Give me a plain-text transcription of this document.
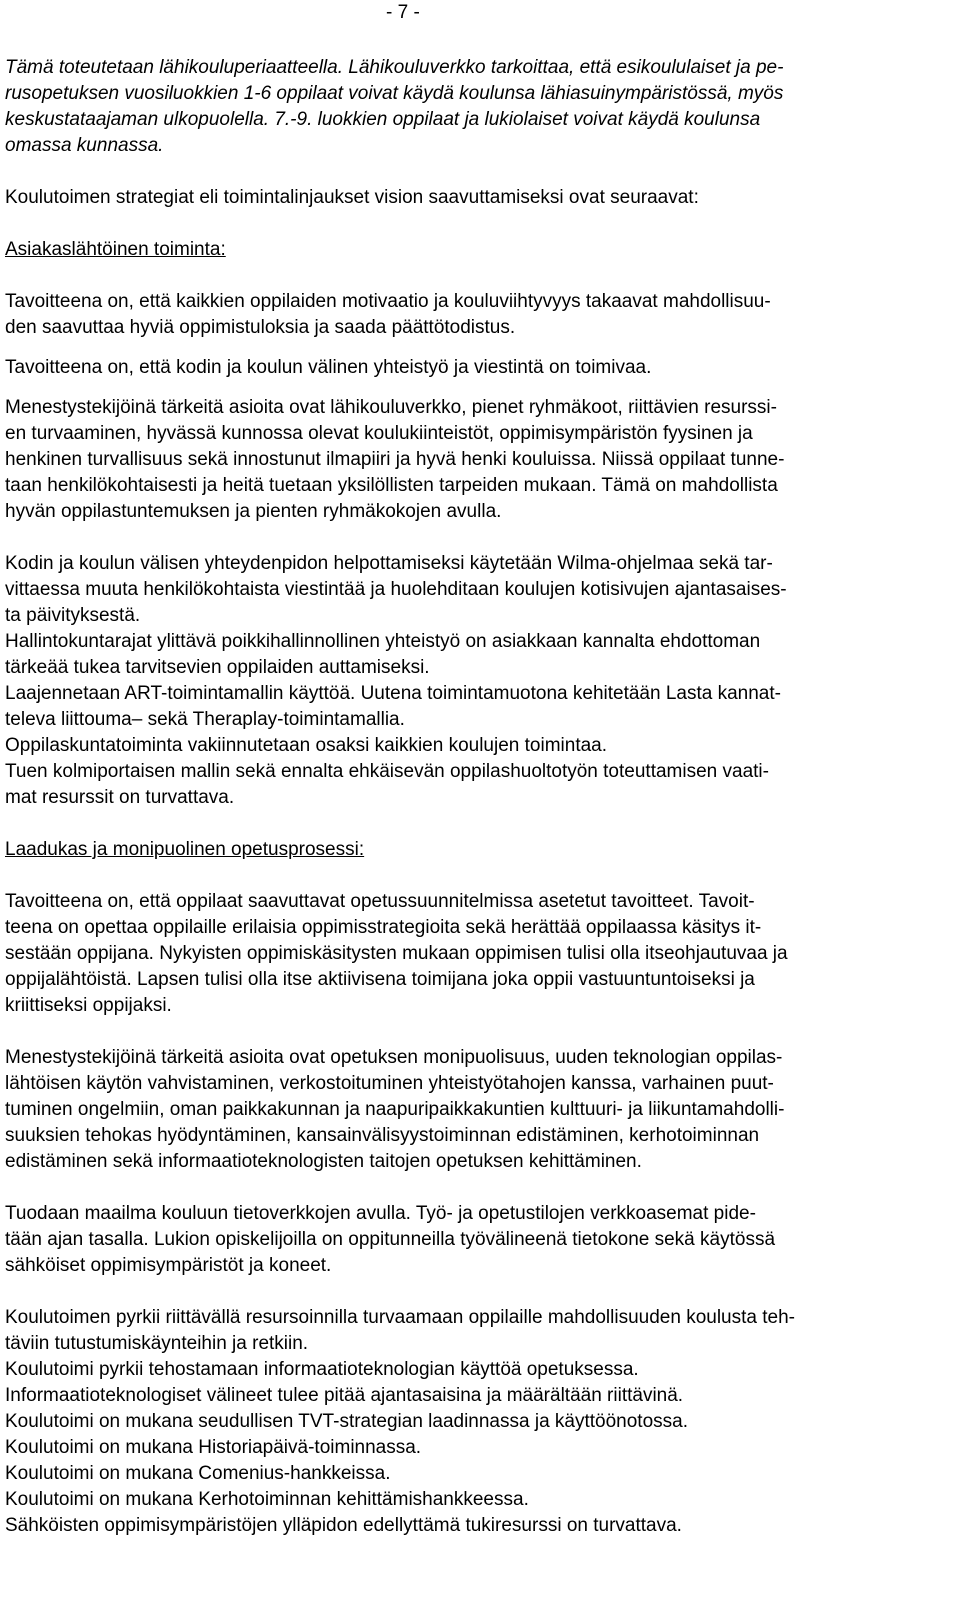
- 7 -

Tämä toteutetaan lähikouluperiaatteella. Lähikouluverkko tarkoittaa, että esikoululaiset ja pe-
rusopetuksen vuosiluokkien 1-6 oppilaat voivat käydä koulunsa lähiasuinympäristössä, myös
keskustataajaman ulkopuolella. 7.-9. luokkien oppilaat ja lukiolaiset voivat käydä koulunsa
omassa kunnassa.

Koulutoimen strategiat eli toimintalinjaukset vision saavuttamiseksi ovat seuraavat:

Asiakaslähtöinen toiminta:

Tavoitteena on, että kaikkien oppilaiden motivaatio ja kouluviihtyvyys takaavat mahdollisuu-
den saavuttaa hyviä oppimistuloksia ja saada päättötodistus.

Tavoitteena on, että kodin ja koulun välinen yhteistyö ja viestintä on toimivaa.

Menestystekijöinä tärkeitä asioita ovat lähikouluverkko, pienet ryhmäkoot, riittävien resurssi-
en turvaaminen, hyvässä kunnossa olevat koulukiinteistöt, oppimisympäristön fyysinen ja
henkinen turvallisuus sekä innostunut ilmapiiri ja hyvä henki kouluissa. Niissä oppilaat tunne-
taan henkilökohtaisesti ja heitä tuetaan yksilöllisten tarpeiden mukaan. Tämä on mahdollista
hyvän oppilastuntemuksen ja pienten ryhmäkokojen avulla.

Kodin ja koulun välisen yhteydenpidon helpottamiseksi käytetään Wilma-ohjelmaa sekä tar-
vittaessa muuta henkilökohtaista viestintää ja huolehditaan koulujen kotisivujen ajantasaises-
ta päivityksestä.

Hallintokuntarajat ylittävä poikkihallinnollinen yhteistyö on asiakkaan kannalta ehdottoman
tärkeää tukea tarvitsevien oppilaiden auttamiseksi.

Laajennetaan ART-toimintamallin käyttöä. Uutena toimintamuotona kehitetään Lasta kannat-
televa liittouma– sekä Theraplay-toimintamallia.

Oppilaskuntatoiminta vakiinnutetaan osaksi kaikkien koulujen toimintaa.

Tuen kolmiportaisen mallin sekä ennalta ehkäisevän oppilashuoltotyön toteuttamisen vaati-
mat resurssit on turvattava.

Laadukas ja monipuolinen opetusprosessi:

Tavoitteena on, että oppilaat saavuttavat opetussuunnitelmissa asetetut tavoitteet. Tavoit-
teena on opettaa oppilaille erilaisia oppimisstrategioita sekä herättää oppilaassa käsitys it-
sestään oppijana. Nykyisten oppimiskäsitysten mukaan oppimisen tulisi olla itseohjautuvaa ja
oppijalähtöistä. Lapsen tulisi olla itse aktiivisena toimijana joka oppii vastuuntuntoiseksi ja
kriittiseksi oppijaksi.

Menestystekijöinä tärkeitä asioita ovat opetuksen monipuolisuus, uuden teknologian oppilas-
lähtöisen käytön vahvistaminen, verkostoituminen yhteistyötahojen kanssa, varhainen puut-
tuminen ongelmiin, oman paikkakunnan ja naapuripaikkakuntien kulttuuri- ja liikuntamahdolli-
suuksien tehokas hyödyntäminen, kansainvälisyystoiminnan edistäminen, kerhotoiminnan
edistäminen sekä informaatioteknologisten taitojen opetuksen kehittäminen.

Tuodaan maailma kouluun tietoverkkojen avulla. Työ- ja opetustilojen verkkoasemat pide-
tään ajan tasalla. Lukion opiskelijoilla on oppitunneilla työvälineenä tietokone sekä käytössä
sähköiset oppimisympäristöt ja koneet.

Koulutoimen pyrkii riittävällä resursoinnilla turvaamaan oppilaille mahdollisuuden koulusta teh-
täviin tutustumiskäynteihin ja retkiin.

Koulutoimi pyrkii tehostamaan informaatioteknologian käyttöä opetuksessa.

Informaatioteknologiset välineet tulee pitää ajantasaisina ja määrältään riittävinä.

Koulutoimi on mukana seudullisen TVT-strategian laadinnassa ja käyttöönotossa.

Koulutoimi on mukana Historiapäivä-toiminnassa.

Koulutoimi on mukana Comenius-hankkeissa.

Koulutoimi on mukana Kerhotoiminnan kehittämishankkeessa.

Sähköisten oppimisympäristöjen ylläpidon edellyttämä tukiresurssi on turvattava.
